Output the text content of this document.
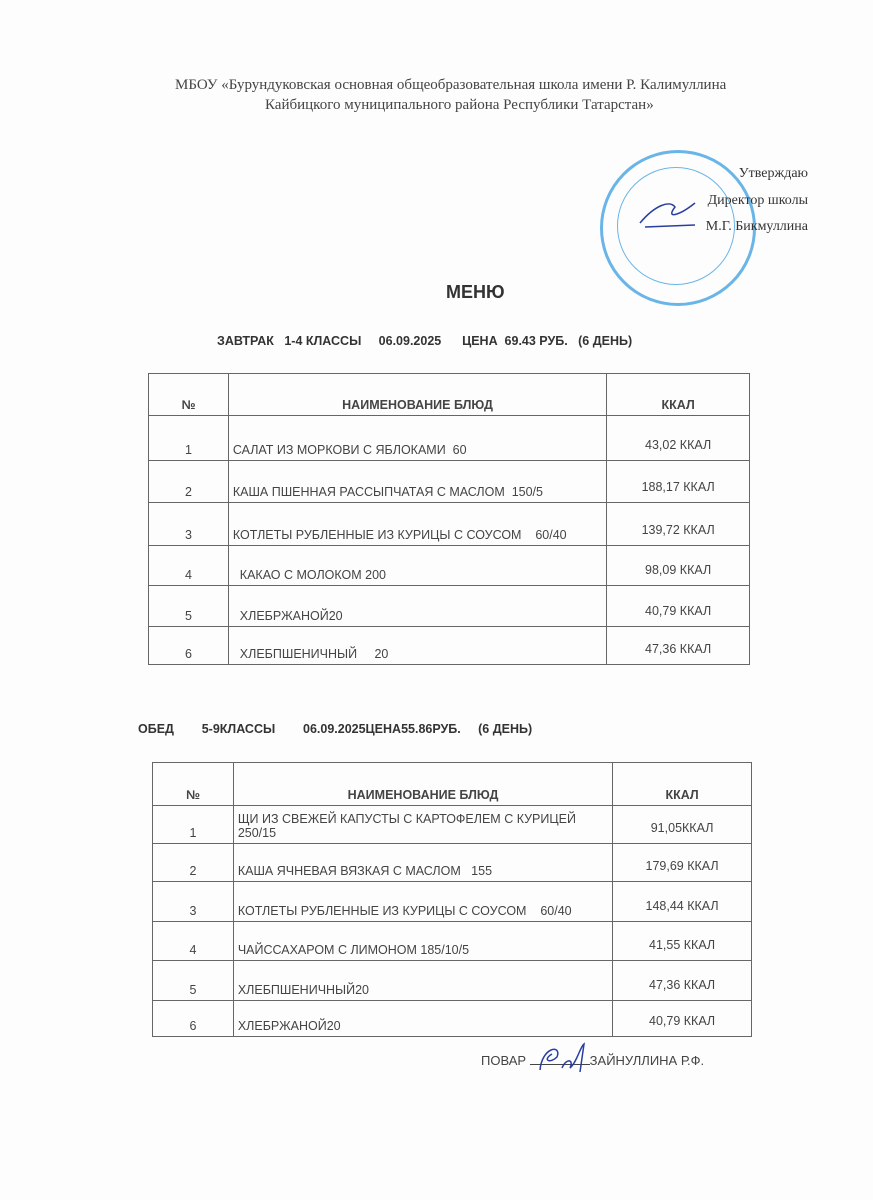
МБОУ «Бурундуковская основная общеобразовательная школа имени Р. Калимуллина
Кайбицкого муниципального района Республики Татарстан»
Утверждаю
Директор школы
М.Г. Бикмуллина
МЕНЮ
ЗАВТРАК   1-4 КЛАССЫ     06.09.2025      ЦЕНА  69.43 РУБ.   (6 ДЕНЬ)
№	НАИМЕНОВАНИЕ БЛЮД	ККАЛ
1	САЛАТ ИЗ МОРКОВИ С ЯБЛОКАМИ  60	43,02 ККАЛ
2	КАША ПШЕННАЯ РАССЫПЧАТАЯ С МАСЛОМ  150/5	188,17 ККАЛ
3	КОТЛЕТЫ РУБЛЕННЫЕ ИЗ КУРИЦЫ С СОУСОМ    60/40	139,72 ККАЛ
4	КАКАО С МОЛОКОМ 200	98,09 ККАЛ
5	ХЛЕБРЖАНОЙ20	40,79 ККАЛ
6	ХЛЕБПШЕНИЧНЫЙ     20	47,36 ККАЛ
ОБЕД        5-9КЛАССЫ        06.09.2025ЦЕНА55.86РУБ.     (6 ДЕНЬ)
№	НАИМЕНОВАНИЕ БЛЮД	ККАЛ
1	ЩИ ИЗ СВЕЖЕЙ КАПУСТЫ С КАРТОФЕЛЕМ С КУРИЦЕЙ 250/15	91,05ККАЛ
2	КАША ЯЧНЕВАЯ ВЯЗКАЯ С МАСЛОМ   155	179,69 ККАЛ
3	КОТЛЕТЫ РУБЛЕННЫЕ ИЗ КУРИЦЫ С СОУСОМ    60/40	148,44 ККАЛ
4	ЧАЙССАХАРОМ С ЛИМОНОМ 185/10/5	41,55 ККАЛ
5	ХЛЕБПШЕНИЧНЫЙ20	47,36 ККАЛ
6	ХЛЕБРЖАНОЙ20	40,79 ККАЛ
ПОВАР	ЗАЙНУЛЛИНА Р.Ф.
